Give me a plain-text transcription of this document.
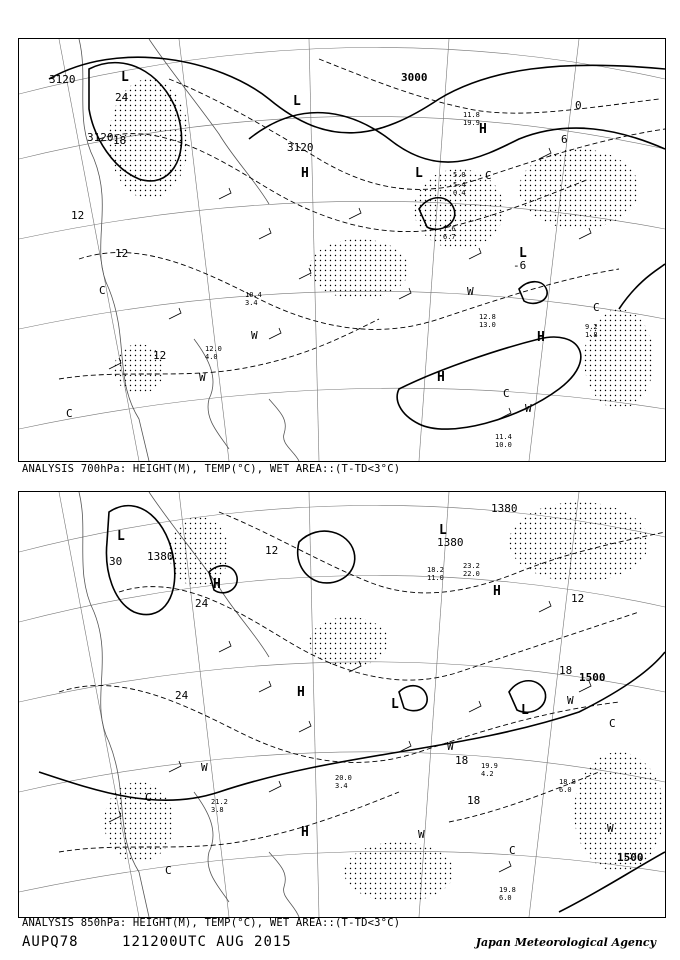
3120
3120
3120
3000
24
18
12
12
12
6
0
-6
L
L
L
L
H
H
H
H
C
C
C
C
C
W
W
W
W
11.4
10.0
12.8
13.0	9.2
1.8
12.0
4.0
10.4
3.4
5.0
5.4
0.4
7.6
6.7
11.8
19.9
ANALYSIS 700hPa: HEIGHT(M), TEMP(°C), WET AREA::(T-TD<3°C)
1380
1380
1380
1500
1500
30
24
24
18
18
18
12
12
L	L
L	L
H
H
H
H
C
C
C
C
W
W	W
W
W
19.8
6.0
18.8
6.0
19.9
4.2
21.2
3.8
20.0
3.4
23.2
22.0
18.2
11.0
ANALYSIS 850hPa: HEIGHT(M), TEMP(°C), WET AREA::(T-TD<3°C)
AUPQ78	121200UTC AUG 2015	Japan Meteorological Agency
